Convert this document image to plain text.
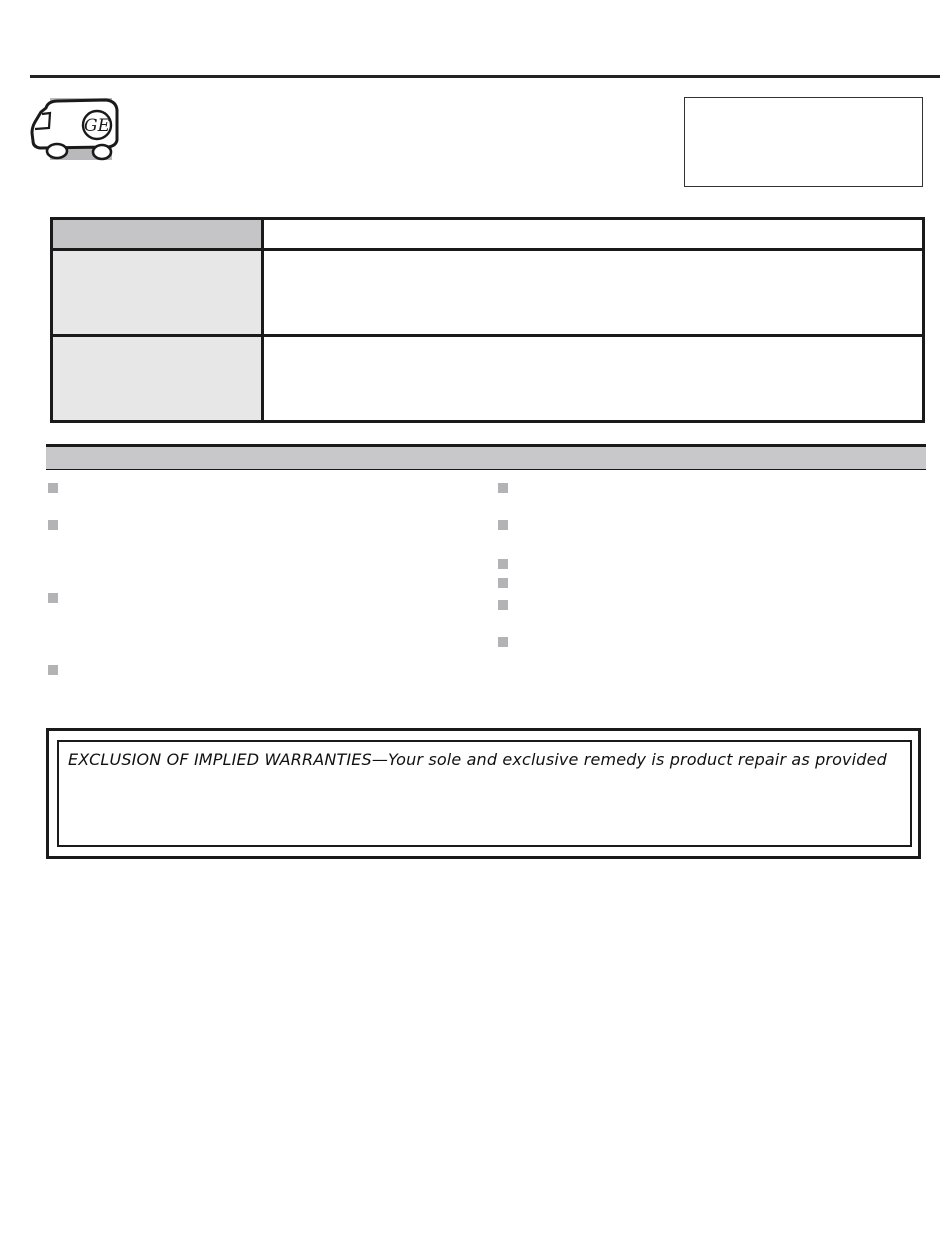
GE

EXCLUSION OF IMPLIED WARRANTIES—Your sole and exclusive remedy is product repair as provided
